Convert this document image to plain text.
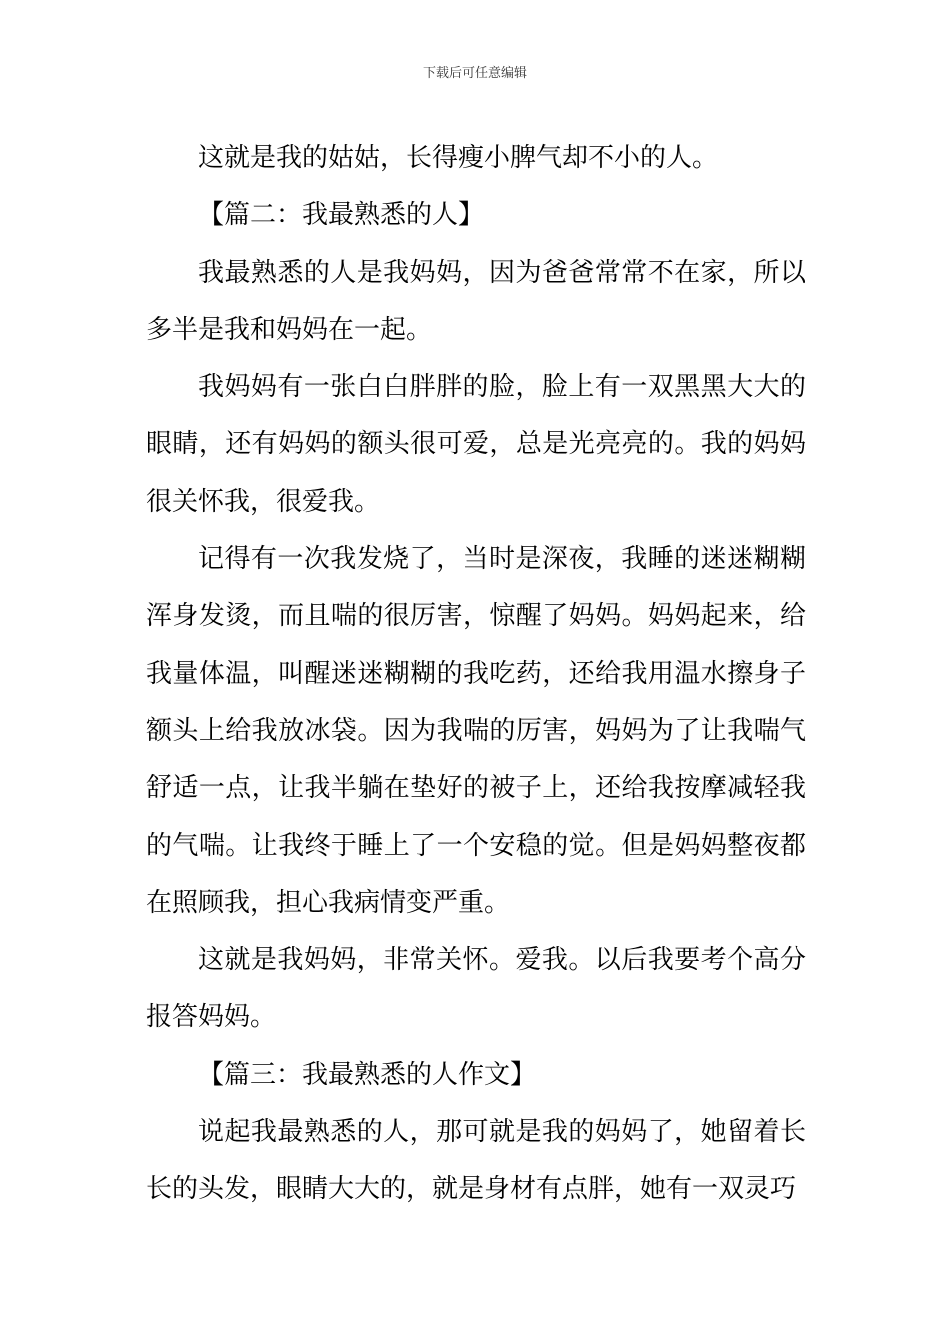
下载后可任意编辑

这就是我的姑姑，长得瘦小脾气却不小的人。

【篇二：我最熟悉的人】

我最熟悉的人是我妈妈，因为爸爸常常不在家，所以多半是我和妈妈在一起。

我妈妈有一张白白胖胖的脸，脸上有一双黑黑大大的眼睛，还有妈妈的额头很可爱，总是光亮亮的。我的妈妈很关怀我，很爱我。

记得有一次我发烧了，当时是深夜，我睡的迷迷糊糊浑身发烫，而且喘的很厉害，惊醒了妈妈。妈妈起来，给我量体温，叫醒迷迷糊糊的我吃药，还给我用温水擦身子额头上给我放冰袋。因为我喘的厉害，妈妈为了让我喘气舒适一点，让我半躺在垫好的被子上，还给我按摩减轻我的气喘。让我终于睡上了一个安稳的觉。但是妈妈整夜都在照顾我，担心我病情变严重。

这就是我妈妈，非常关怀。爱我。以后我要考个高分报答妈妈。

【篇三：我最熟悉的人作文】

说起我最熟悉的人，那可就是我的妈妈了，她留着长长的头发，眼睛大大的，就是身材有点胖，她有一双灵巧
